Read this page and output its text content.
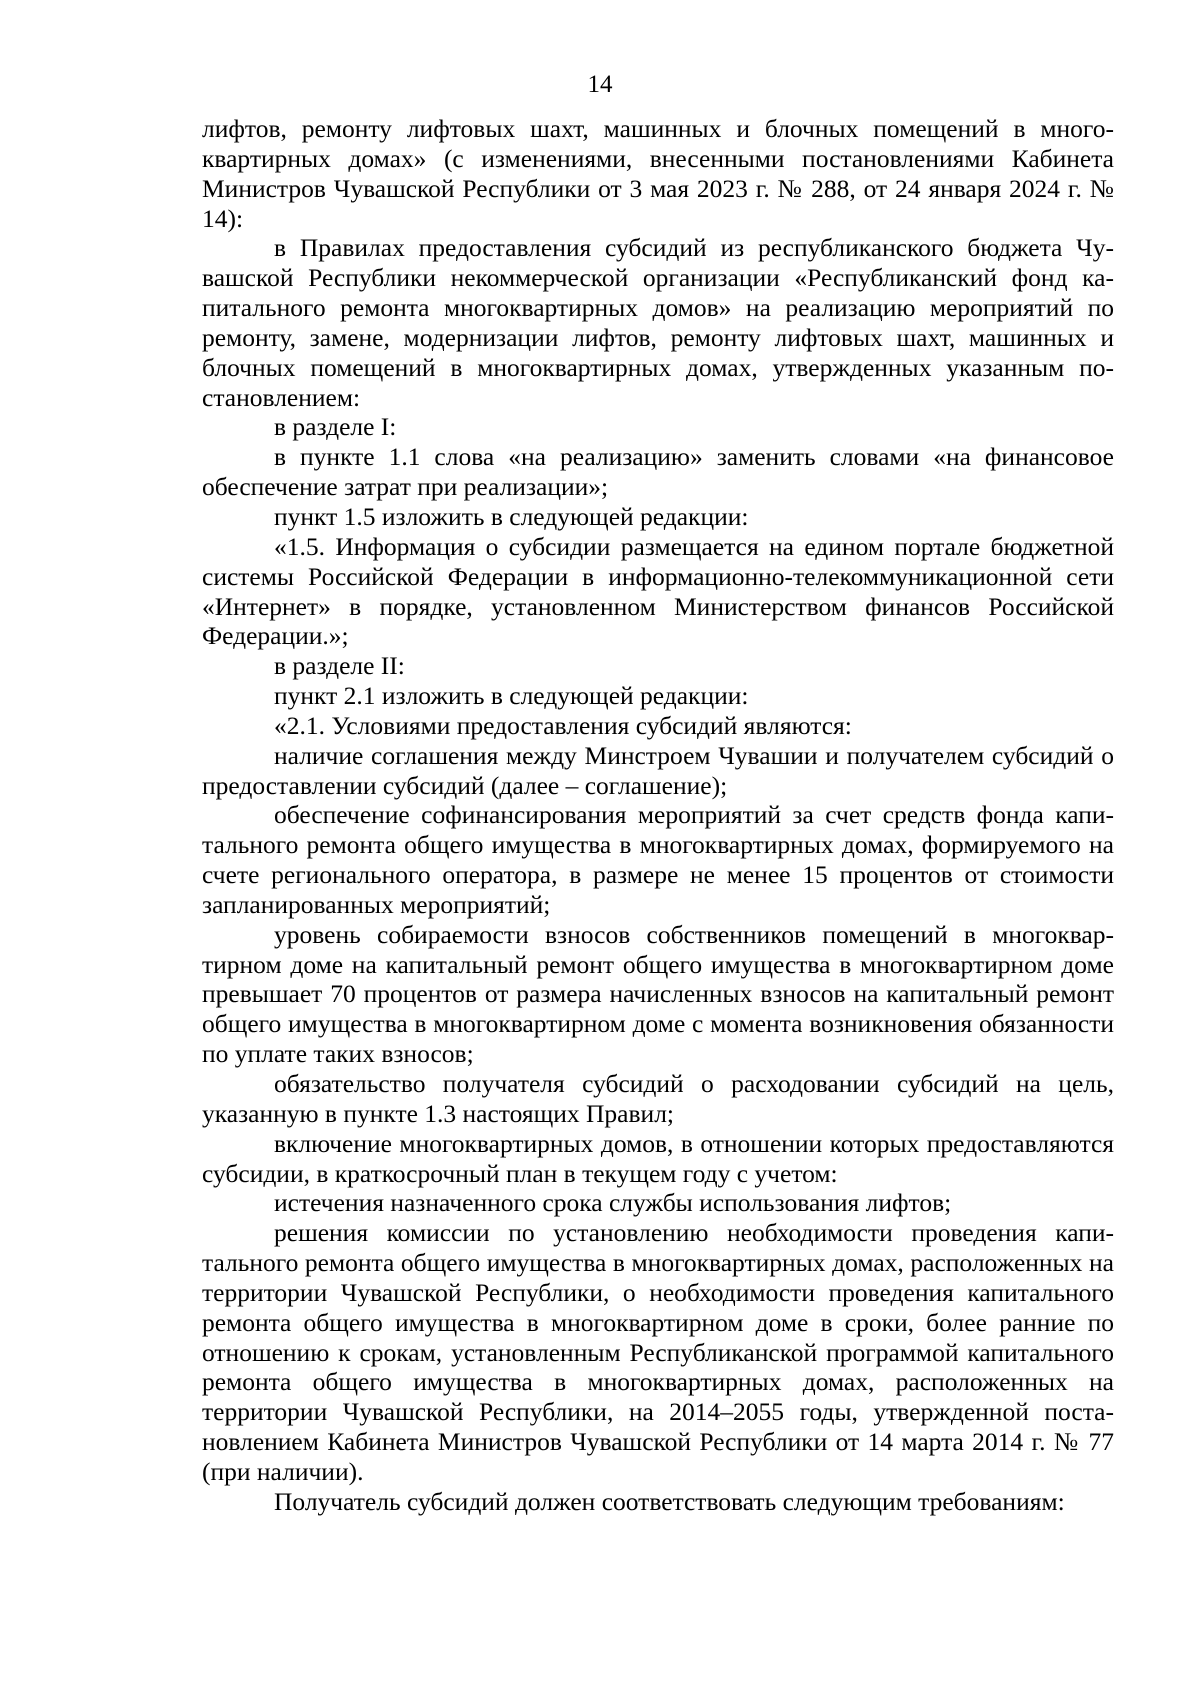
14

лифтов, ремонту лифтовых шахт, машинных и блочных помещений в многоквартирных домах» (с изменениями, внесенными постановлениями Кабинета Министров Чувашской Республики от 3 мая 2023 г. № 288, от 24 января 2024 г. № 14):

в Правилах предоставления субсидий из республиканского бюджета Чувашской Республики некоммерческой организации «Республиканский фонд капитального ремонта многоквартирных домов» на реализацию мероприятий по ремонту, замене, модернизации лифтов, ремонту лифтовых шахт, машинных и блочных помещений в многоквартирных домах, утвержденных указанным постановлением:

в разделе I:

в пункте 1.1 слова «на реализацию» заменить словами «на финансовое обеспечение затрат при реализации»;

пункт 1.5 изложить в следующей редакции:

«1.5. Информация о субсидии размещается на едином портале бюджетной системы Российской Федерации в информационно-телекоммуникационной сети «Интернет» в порядке, установленном Министерством финансов Российской Федерации.»;

в разделе II:

пункт 2.1 изложить в следующей редакции:

«2.1. Условиями предоставления субсидий являются:

наличие соглашения между Минстроем Чувашии и получателем субсидий о предоставлении субсидий (далее – соглашение);

обеспечение софинансирования мероприятий за счет средств фонда капитального ремонта общего имущества в многоквартирных домах, формируемого на счете регионального оператора, в размере не менее 15 процентов от стоимости запланированных мероприятий;

уровень собираемости взносов собственников помещений в многоквартирном доме на капитальный ремонт общего имущества в многоквартирном доме превышает 70 процентов от размера начисленных взносов на капитальный ремонт общего имущества в многоквартирном доме с момента возникновения обязанности по уплате таких взносов;

обязательство получателя субсидий о расходовании субсидий на цель, указанную в пункте 1.3 настоящих Правил;

включение многоквартирных домов, в отношении которых предоставляются субсидии, в краткосрочный план в текущем году с учетом:

истечения назначенного срока службы использования лифтов;

решения комиссии по установлению необходимости проведения капитального ремонта общего имущества в многоквартирных домах, расположенных на территории Чувашской Республики, о необходимости проведения капитального ремонта общего имущества в многоквартирном доме в сроки, более ранние по отношению к срокам, установленным Республиканской программой капитального ремонта общего имущества в многоквартирных домах, расположенных на территории Чувашской Республики, на 2014–2055 годы, утвержденной постановлением Кабинета Министров Чувашской Республики от 14 марта 2014 г. № 77 (при наличии).

Получатель субсидий должен соответствовать следующим требованиям:
